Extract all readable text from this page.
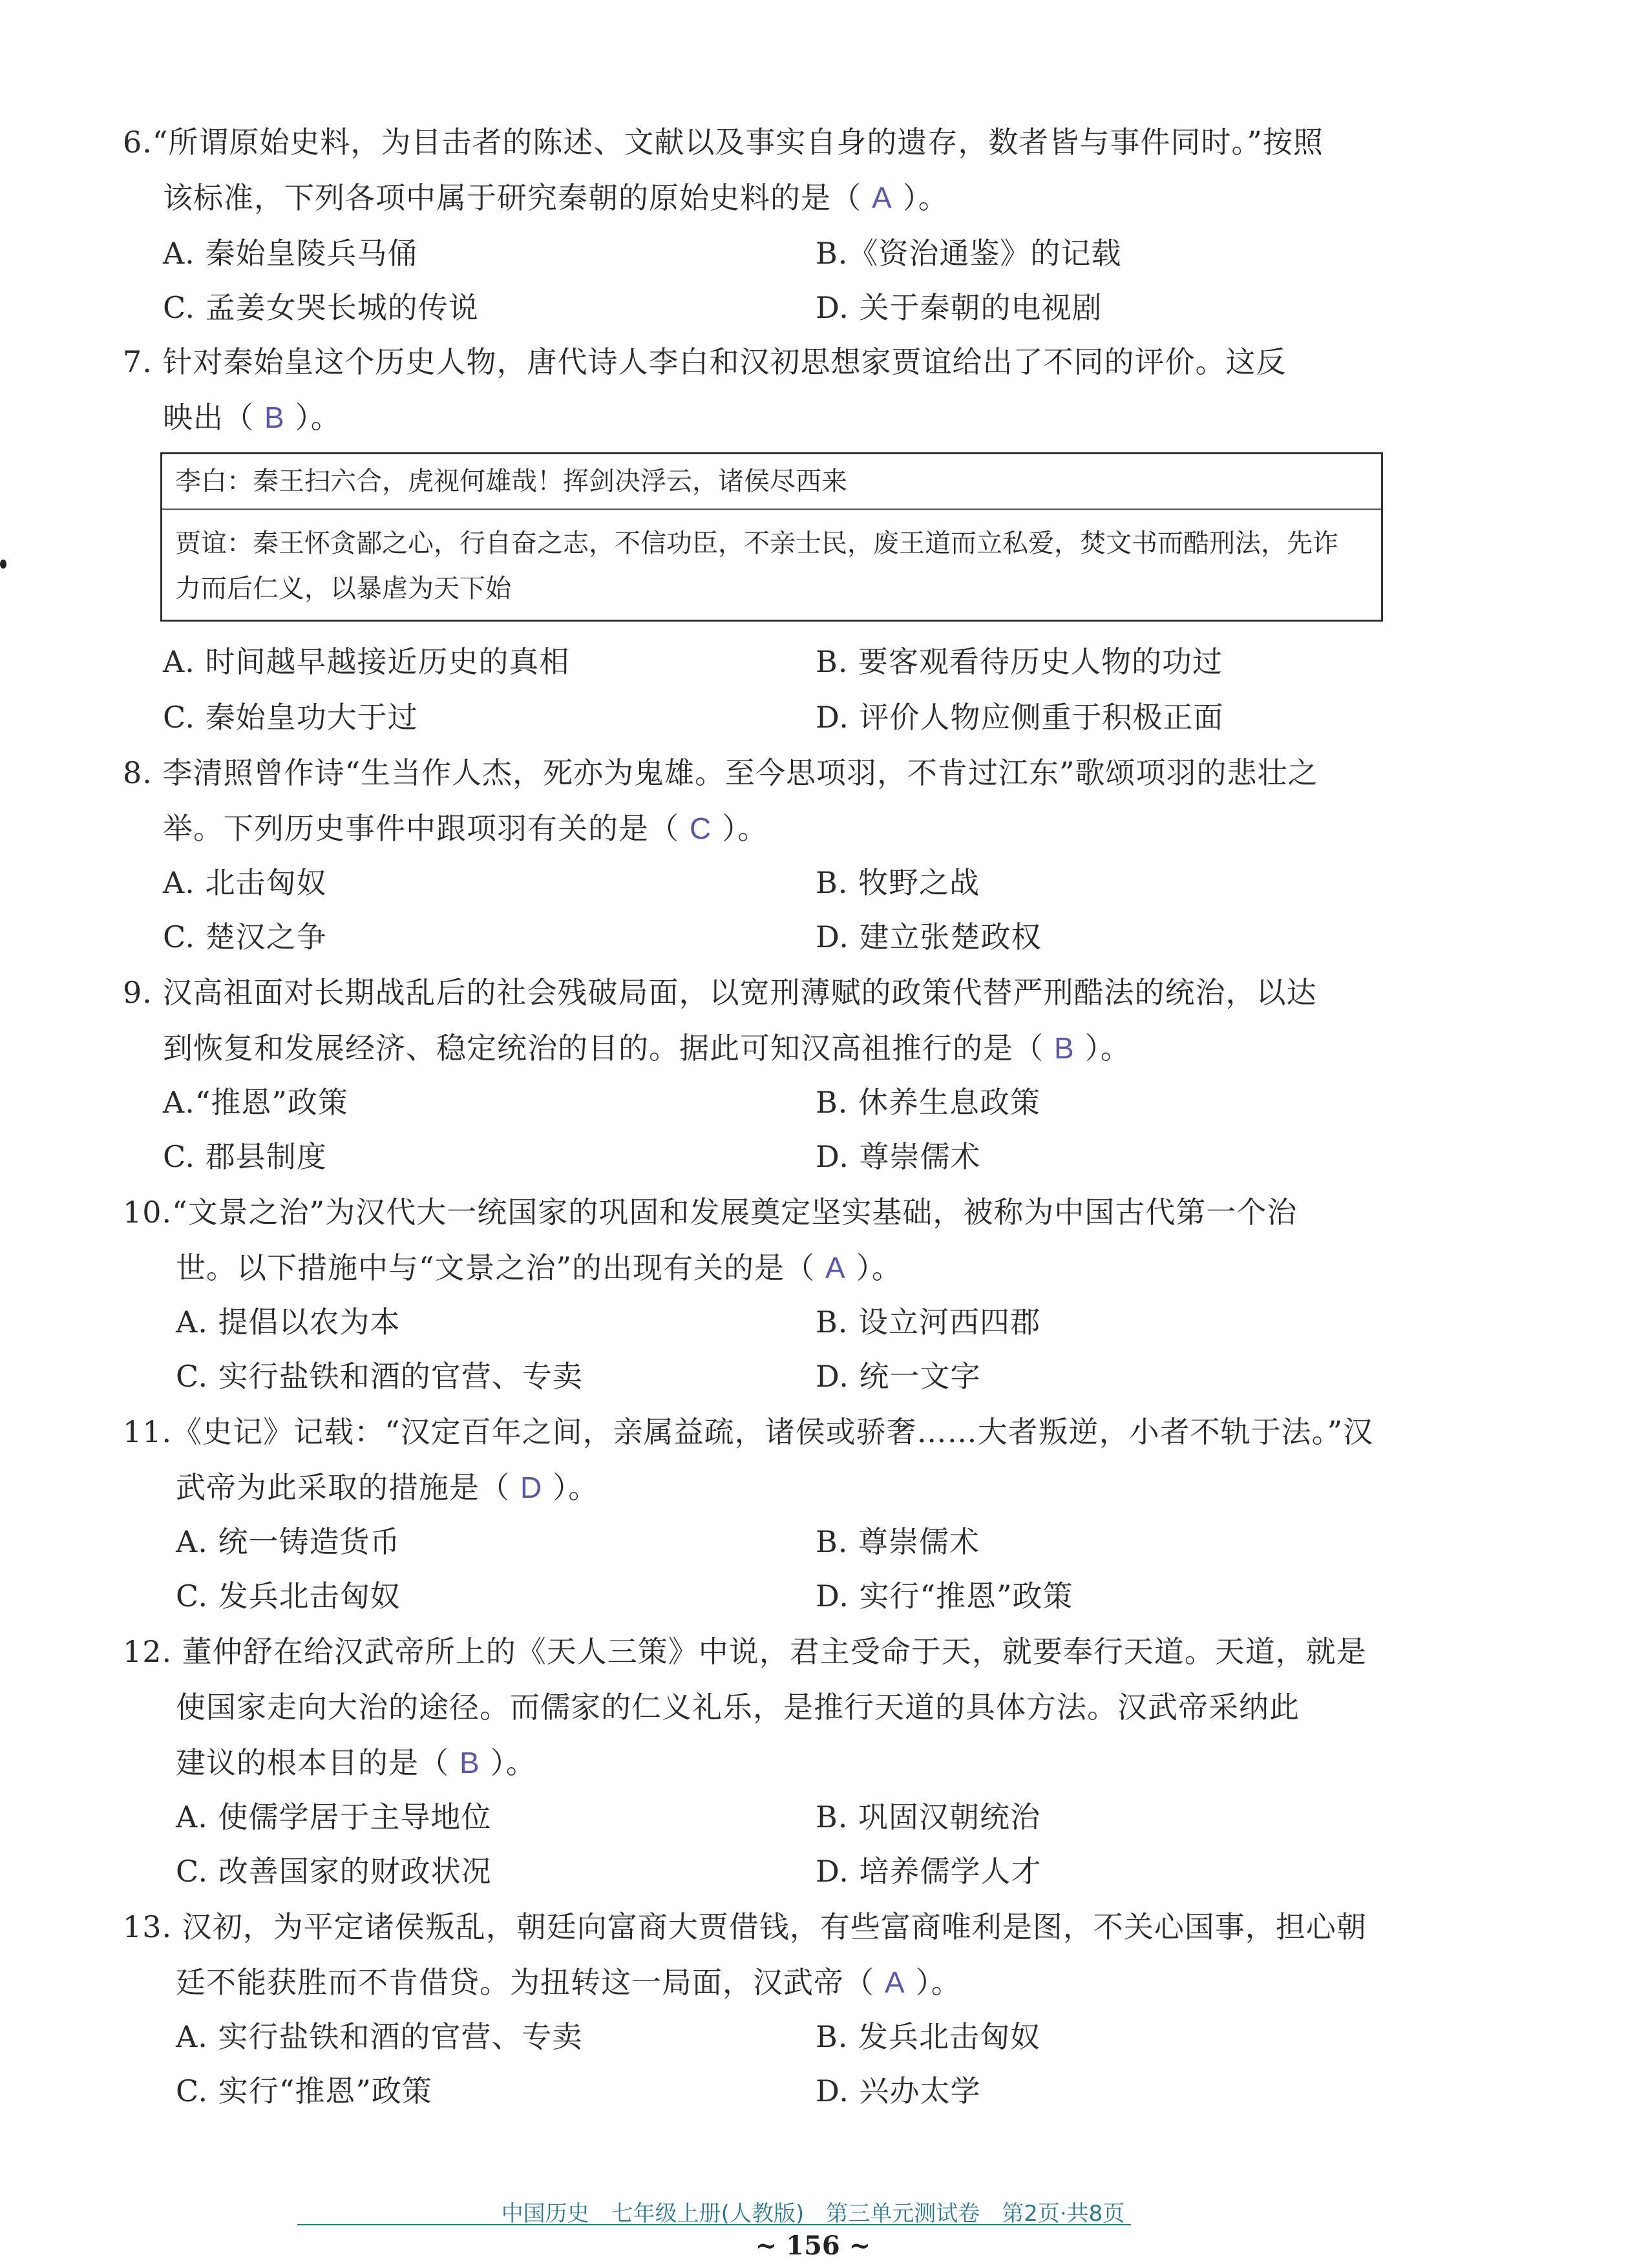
6.“所谓原始史料，为目击者的陈述、文献以及事实自身的遗存，数者皆与事件同时。”按照
该标准，下列各项中属于研究秦朝的原始史料的是（ A ）。
A. 秦始皇陵兵马俑	B.《资治通鉴》的记载
C. 孟姜女哭长城的传说	D. 关于秦朝的电视剧
7. 针对秦始皇这个历史人物，唐代诗人李白和汉初思想家贾谊给出了不同的评价。这反
映出（ B ）。
李白：秦王扫六合，虎视何雄哉！挥剑决浮云，诸侯尽西来
贾谊：秦王怀贪鄙之心，行自奋之志，不信功臣，不亲士民，废王道而立私爱，焚文书而酷刑法，先诈
力而后仁义，以暴虐为天下始
A. 时间越早越接近历史的真相	B. 要客观看待历史人物的功过
C. 秦始皇功大于过	D. 评价人物应侧重于积极正面
8. 李清照曾作诗“生当作人杰，死亦为鬼雄。至今思项羽，不肯过江东”歌颂项羽的悲壮之
举。下列历史事件中跟项羽有关的是（ C ）。
A. 北击匈奴	B. 牧野之战
C. 楚汉之争	D. 建立张楚政权
9. 汉高祖面对长期战乱后的社会残破局面，以宽刑薄赋的政策代替严刑酷法的统治，以达
到恢复和发展经济、稳定统治的目的。据此可知汉高祖推行的是（ B ）。
A.“推恩”政策	B. 休养生息政策
C. 郡县制度	D. 尊崇儒术
10.“文景之治”为汉代大一统国家的巩固和发展奠定坚实基础，被称为中国古代第一个治
世。以下措施中与“文景之治”的出现有关的是（ A ）。
A. 提倡以农为本	B. 设立河西四郡
C. 实行盐铁和酒的官营、专卖	D. 统一文字
11.《史记》记载：“汉定百年之间，亲属益疏，诸侯或骄奢……大者叛逆，小者不轨于法。”汉
武帝为此采取的措施是（ D ）。
A. 统一铸造货币	B. 尊崇儒术
C. 发兵北击匈奴	D. 实行“推恩”政策
12. 董仲舒在给汉武帝所上的《天人三策》中说，君主受命于天，就要奉行天道。天道，就是
使国家走向大治的途径。而儒家的仁义礼乐，是推行天道的具体方法。汉武帝采纳此
建议的根本目的是（ B ）。
A. 使儒学居于主导地位	B. 巩固汉朝统治
C. 改善国家的财政状况	D. 培养儒学人才
13. 汉初，为平定诸侯叛乱，朝廷向富商大贾借钱，有些富商唯利是图，不关心国事，担心朝
廷不能获胜而不肯借贷。为扭转这一局面，汉武帝（ A ）。
A. 实行盐铁和酒的官营、专卖	B. 发兵北击匈奴
C. 实行“推恩”政策	D. 兴办太学
中国历史　七年级上册(人教版)　第三单元测试卷　第2页·共8页
~ 156 ~
